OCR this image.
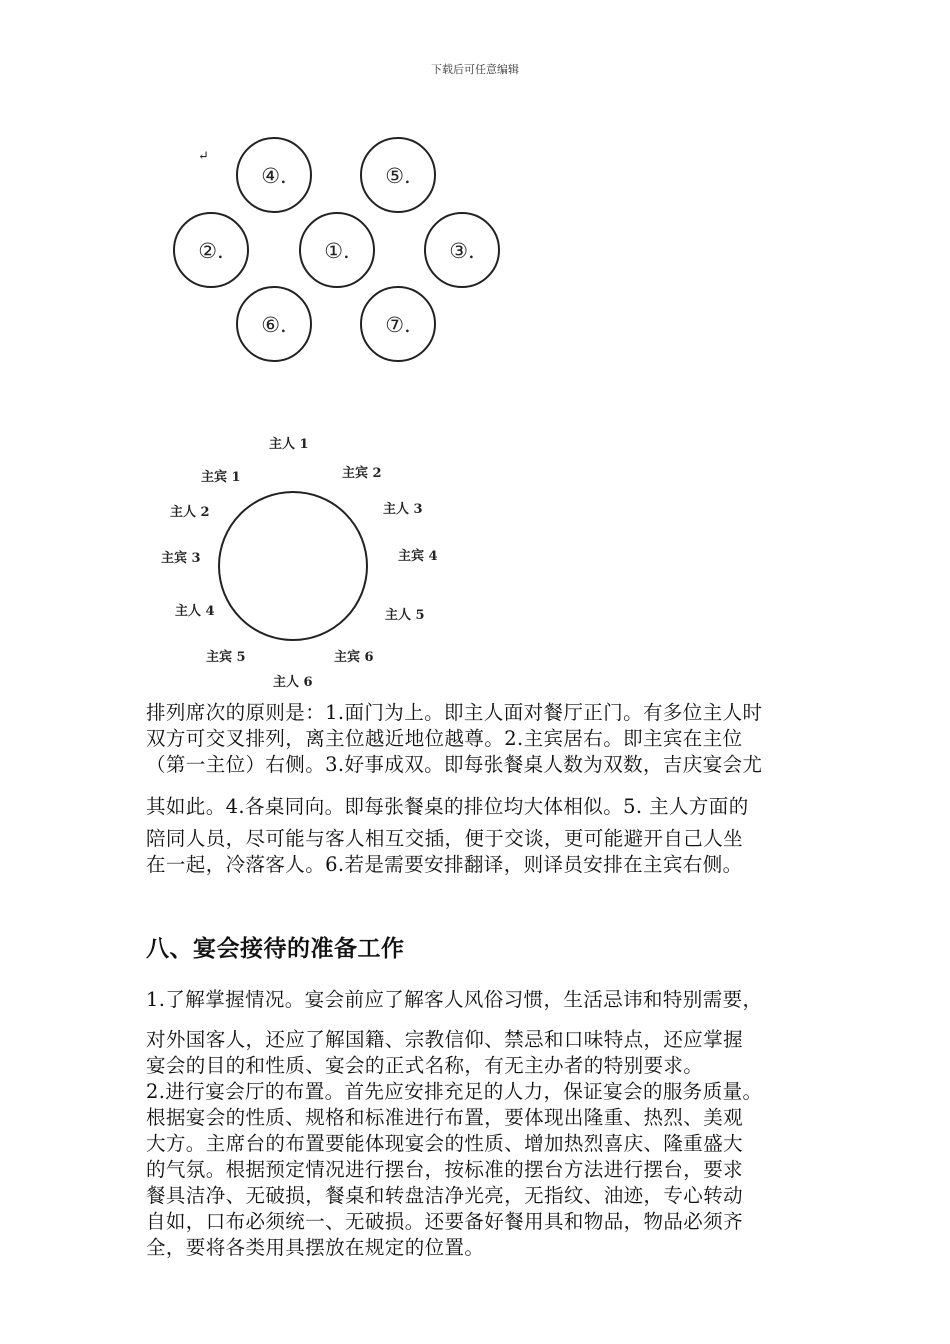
下载后可任意编辑
↵
④.	⑤.
②.	①.	③.
⑥.	⑦.
主人 1
主宾 2
主人 3
主宾 4
主人 5
主宾 6
主人 6
主宾 5
主人 4
主宾 3
主人 2
主宾 1
排列席次的原则是：1.面门为上。即主人面对餐厅正门。有多位主人时
双方可交叉排列，离主位越近地位越尊。2.主宾居右。即主宾在主位
（第一主位）右侧。3.好事成双。即每张餐桌人数为双数，吉庆宴会尤
其如此。4.各桌同向。即每张餐桌的排位均大体相似。5. 主人方面的
陪同人员，尽可能与客人相互交插，便于交谈，更可能避开自己人坐
在一起，冷落客人。6.若是需要安排翻译，则译员安排在主宾右侧。
八、宴会接待的准备工作
1.了解掌握情况。宴会前应了解客人风俗习惯，生活忌讳和特别需要，
对外国客人，还应了解国籍、宗教信仰、禁忌和口味特点，还应掌握
宴会的目的和性质、宴会的正式名称，有无主办者的特别要求。
2.进行宴会厅的布置。首先应安排充足的人力，保证宴会的服务质量。
根据宴会的性质、规格和标准进行布置，要体现出隆重、热烈、美观
大方。主席台的布置要能体现宴会的性质、增加热烈喜庆、隆重盛大
的气氛。根据预定情况进行摆台，按标准的摆台方法进行摆台，要求
餐具洁净、无破损，餐桌和转盘洁净光亮，无指纹、油迹，专心转动
自如，口布必须统一、无破损。还要备好餐用具和物品，物品必须齐
全，要将各类用具摆放在规定的位置。
